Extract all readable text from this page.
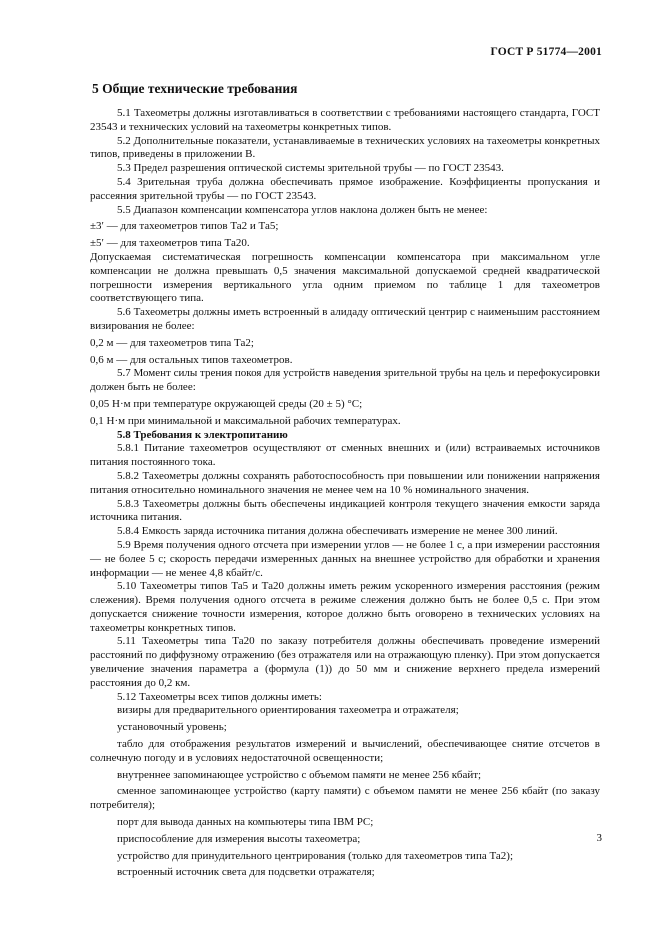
ГОСТ Р 51774—2001
5 Общие технические требования

5.1 Тахеометры должны изготавливаться в соответствии с требованиями настоящего стандарта, ГОСТ 23543 и технических условий на тахеометры конкретных типов.

5.2 Дополнительные показатели, устанавливаемые в технических условиях на тахеометры конкретных типов, приведены в приложении В.

5.3 Предел разрешения оптической системы зрительной трубы — по ГОСТ 23543.

5.4 Зрительная труба должна обеспечивать прямое изображение. Коэффициенты пропускания и рассеяния зрительной трубы — по ГОСТ 23543.

5.5 Диапазон компенсации компенсатора углов наклона должен быть не менее:

±3′ — для тахеометров типов Та2 и Та5;

±5′ — для тахеометров типа Та20.

Допускаемая систематическая погрешность компенсации компенсатора при максимальном угле компенсации не должна превышать 0,5 значения максимальной допускаемой средней квадратической погрешности измерения вертикального угла одним приемом по таблице 1 для тахеометров соответствующего типа.

5.6 Тахеометры должны иметь встроенный в алидаду оптический центрир с наименьшим расстоянием визирования не более:

0,2 м — для тахеометров типа Та2;

0,6 м — для остальных типов тахеометров.

5.7 Момент силы трения покоя для устройств наведения зрительной трубы на цель и перефокусировки должен быть не более:

0,05 Н·м при температуре окружающей среды (20 ± 5) °С;

0,1 Н·м при минимальной и максимальной рабочих температурах.

5.8 Требования к электропитанию

5.8.1 Питание тахеометров осуществляют от сменных внешних и (или) встраиваемых источников питания постоянного тока.

5.8.2 Тахеометры должны сохранять работоспособность при повышении или понижении напряжения питания относительно номинального значения не менее чем на 10 % номинального значения.

5.8.3 Тахеометры должны быть обеспечены индикацией контроля текущего значения емкости заряда источника питания.

5.8.4 Емкость заряда источника питания должна обеспечивать измерение не менее 300 линий.

5.9 Время получения одного отсчета при измерении углов — не более 1 с, а при измерении расстояния — не более 5 с; скорость передачи измеренных данных на внешнее устройство для обработки и хранения информации — не менее 4,8 кбайт/с.

5.10 Тахеометры типов Та5 и Та20 должны иметь режим ускоренного измерения расстояния (режим слежения). Время получения одного отсчета в режиме слежения должно быть не более 0,5 с. При этом допускается снижение точности измерения, которое должно быть оговорено в технических условиях на тахеометры конкретных типов.

5.11 Тахеометры типа Та20 по заказу потребителя должны обеспечивать проведение измерений расстояний по диффузному отражению (без отражателя или на отражающую пленку). При этом допускается увеличение значения параметра a (формула (1)) до 50 мм и снижение верхнего предела измерений расстояния до 0,2 км.

5.12 Тахеометры всех типов должны иметь:

визиры для предварительного ориентирования тахеометра и отражателя;

установочный уровень;

табло для отображения результатов измерений и вычислений, обеспечивающее снятие отсчетов в солнечную погоду и в условиях недостаточной освещенности;

внутреннее запоминающее устройство с объемом памяти не менее 256 кбайт;

сменное запоминающее устройство (карту памяти) с объемом памяти не менее 256 кбайт (по заказу потребителя);

порт для вывода данных на компьютеры типа IBM PC;

приспособление для измерения высоты тахеометра;

устройство для принудительного центрирования (только для тахеометров типа Та2);

встроенный источник света для подсветки отражателя;

3
